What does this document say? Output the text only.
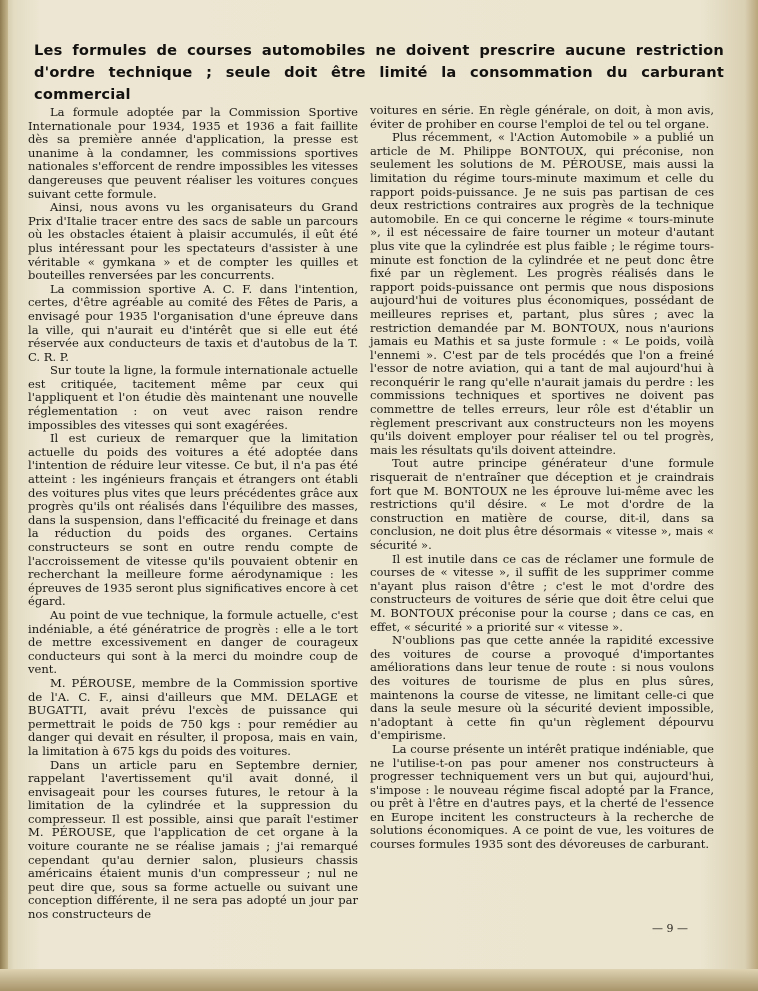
Les formules de courses automobiles ne doivent prescrire aucune restriction
d'ordre technique ; seule doit être limité la consommation du carburant commercial

La formule adoptée par la Commission Sportive Internationale pour 1934, 1935 et 1936 a fait faillite dès sa première année d'application, la presse est unanime à la condamner, les commissions sportives nationales s'efforcent de rendre impossibles les vitesses dangereuses que peuvent réaliser les voitures conçues suivant cette formule.

Ainsi, nous avons vu les organisateurs du Grand Prix d'Italie tracer entre des sacs de sable un parcours où les obstacles étaient à plaisir accumulés, il eût été plus intéressant pour les spectateurs d'assister à une véritable « gymkana » et de compter les quilles et bouteilles renversées par les concurrents.

La commission sportive A. C. F. dans l'intention, certes, d'être agréable au comité des Fêtes de Paris, a envisagé pour 1935 l'organisation d'une épreuve dans la ville, qui n'aurait eu d'intérêt que si elle eut été réservée aux conducteurs de taxis et d'autobus de la T. C. R. P.

Sur toute la ligne, la formule internationale actuelle est critiquée, tacitement même par ceux qui l'appliquent et l'on étudie dès maintenant une nouvelle réglementation : on veut avec raison rendre impossibles des vitesses qui sont exagérées.

Il est curieux de remarquer que la limitation actuelle du poids des voitures a été adoptée dans l'intention de réduire leur vitesse. Ce but, il n'a pas été atteint : les ingénieurs français et étrangers ont établi des voitures plus vites que leurs précédentes grâce aux progrès qu'ils ont réalisés dans l'équilibre des masses, dans la suspension, dans l'efficacité du freinage et dans la réduction du poids des organes. Certains constructeurs se sont en outre rendu compte de l'accroissement de vitesse qu'ils pouvaient obtenir en recherchant la meilleure forme aérodynamique : les épreuves de 1935 seront plus significatives encore à cet égard.

Au point de vue technique, la formule actuelle, c'est indéniable, a été génératrice de progrès : elle a le tort de mettre excessivement en danger de courageux conducteurs qui sont à la merci du moindre coup de vent.

M. PÉROUSE, membre de la Commission sportive de l'A. C. F., ainsi d'ailleurs que MM. DELAGE et BUGATTI, avait prévu l'excès de puissance qui permettrait le poids de 750 kgs : pour remédier au danger qui devait en résulter, il proposa, mais en vain, la limitation à 675 kgs du poids des voitures.

Dans un article paru en Septembre dernier, rappelant l'avertissement qu'il avait donné, il envisageait pour les courses futures, le retour à la limitation de la cylindrée et la suppression du compresseur. Il est possible, ainsi que paraît l'estimer M. PÉROUSE, que l'application de cet organe à la voiture courante ne se réalise jamais ; j'ai remarqué cependant qu'au dernier salon, plusieurs chassis américains étaient munis d'un compresseur ; nul ne peut dire que, sous sa forme actuelle ou suivant une conception différente, il ne sera pas adopté un jour par nos constructeurs de

voitures en série. En règle générale, on doit, à mon avis, éviter de prohiber en course l'emploi de tel ou tel organe.

Plus récemment, « l'Action Automobile » a publié un article de M. Philippe BONTOUX, qui préconise, non seulement les solutions de M. PÉROUSE, mais aussi la limitation du régime tours-minute maximum et celle du rapport poids-puissance. Je ne suis pas partisan de ces deux restrictions contraires aux progrès de la technique automobile. En ce qui concerne le régime « tours-minute », il est nécessaire de faire tourner un moteur d'autant plus vite que la cylindrée est plus faible ; le régime tours-minute est fonction de la cylindrée et ne peut donc être fixé par un règlement. Les progrès réalisés dans le rapport poids-puissance ont permis que nous disposions aujourd'hui de voitures plus économiques, possédant de meilleures reprises et, partant, plus sûres ; avec la restriction demandée par M. BONTOUX, nous n'aurions jamais eu Mathis et sa juste formule : « Le poids, voilà l'ennemi ». C'est par de tels procédés que l'on a freiné l'essor de notre aviation, qui a tant de mal aujourd'hui à reconquérir le rang qu'elle n'aurait jamais du perdre : les commissions techniques et sportives ne doivent pas commettre de telles erreurs, leur rôle est d'établir un règlement prescrivant aux constructeurs non les moyens qu'ils doivent employer pour réaliser tel ou tel progrès, mais les résultats qu'ils doivent atteindre.

Tout autre principe générateur d'une formule risquerait de n'entraîner que déception et je craindrais fort que M. BONTOUX ne les éprouve lui-même avec les restrictions qu'il désire. « Le mot d'ordre de la construction en matière de course, dit-il, dans sa conclusion, ne doit plus être désormais « vitesse », mais « sécurité ».

Il est inutile dans ce cas de réclamer une formule de courses de « vitesse », il suffit de les supprimer comme n'ayant plus raison d'être ; c'est le mot d'ordre des constructeurs de voitures de série que doit être celui que M. BONTOUX préconise pour la course ; dans ce cas, en effet, « sécurité » a priorité sur « vitesse ».

N'oublions pas que cette année la rapidité excessive des voitures de course a provoqué d'importantes améliorations dans leur tenue de route : si nous voulons des voitures de tourisme de plus en plus sûres, maintenons la course de vitesse, ne limitant celle-ci que dans la seule mesure où la sécurité devient impossible, n'adoptant à cette fin qu'un règlement dépourvu d'empirisme.

La course présente un intérêt pratique indéniable, que ne l'utilise-t-on pas pour amener nos constructeurs à progresser techniquement vers un but qui, aujourd'hui, s'impose : le nouveau régime fiscal adopté par la France, ou prêt à l'être en d'autres pays, et la cherté de l'essence en Europe incitent les constructeurs à la recherche de solutions économiques. A ce point de vue, les voitures de courses formules 1935 sont des dévoreuses de carburant.

— 9 —
